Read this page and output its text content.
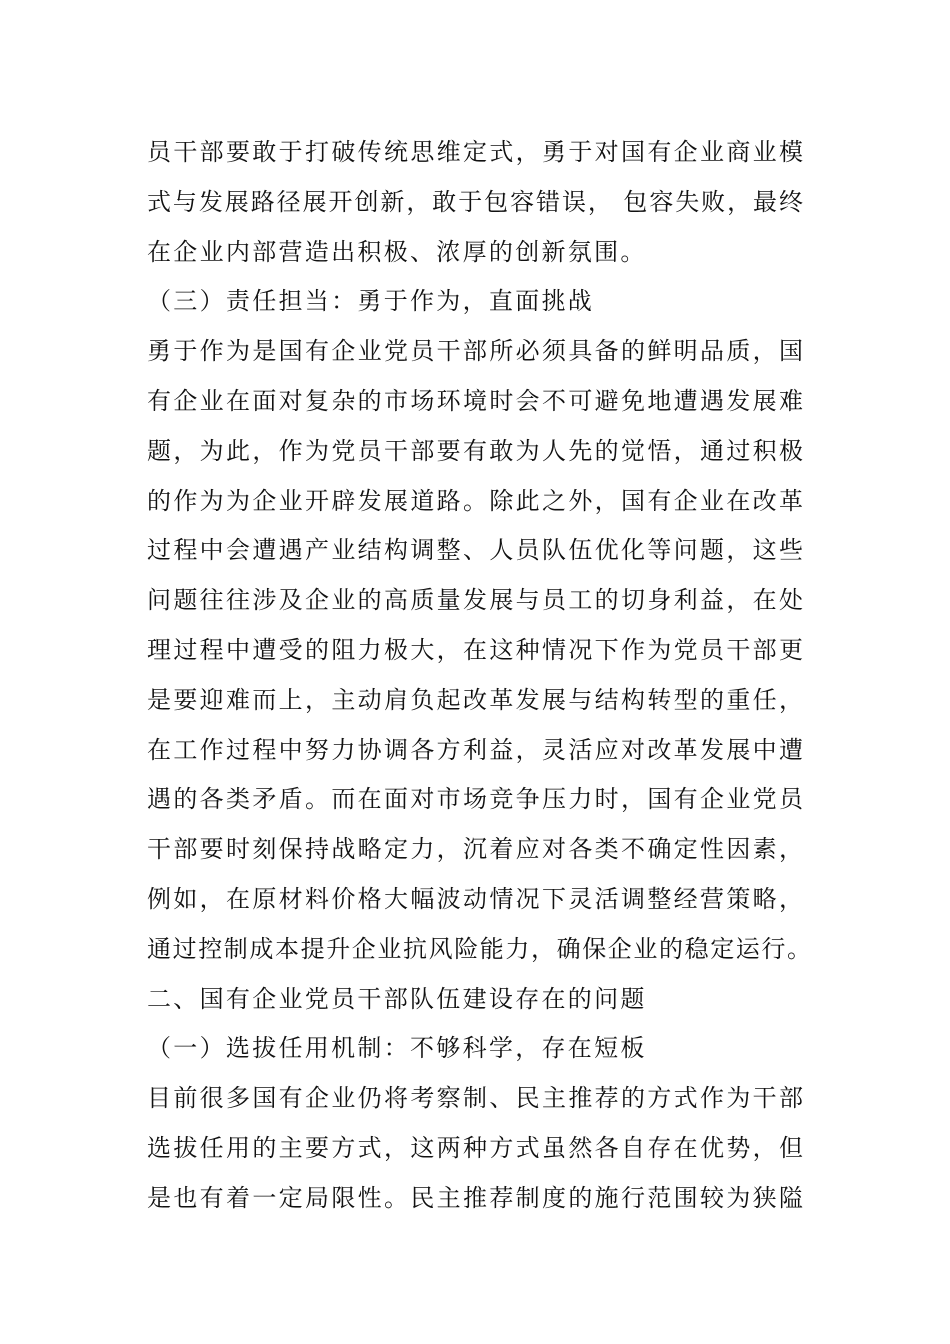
员干部要敢于打破传统思维定式，勇于对国有企业商业模
式与发展路径展开创新，敢于包容错误， 包容失败，最终
在企业内部营造出积极、浓厚的创新氛围。
（三）责任担当：勇于作为，直面挑战
勇于作为是国有企业党员干部所必须具备的鲜明品质，国
有企业在面对复杂的市场环境时会不可避免地遭遇发展难
题，为此，作为党员干部要有敢为人先的觉悟，通过积极
的作为为企业开辟发展道路。除此之外，国有企业在改革
过程中会遭遇产业结构调整、人员队伍优化等问题，这些
问题往往涉及企业的高质量发展与员工的切身利益，在处
理过程中遭受的阻力极大，在这种情况下作为党员干部更
是要迎难而上，主动肩负起改革发展与结构转型的重任，
在工作过程中努力协调各方利益，灵活应对改革发展中遭
遇的各类矛盾。而在面对市场竞争压力时，国有企业党员
干部要时刻保持战略定力，沉着应对各类不确定性因素，
例如，在原材料价格大幅波动情况下灵活调整经营策略，
通过控制成本提升企业抗风险能力，确保企业的稳定运行。
二、国有企业党员干部队伍建设存在的问题
（一）选拔任用机制：不够科学，存在短板
目前很多国有企业仍将考察制、民主推荐的方式作为干部
选拔任用的主要方式，这两种方式虽然各自存在优势，但
是也有着一定局限性。民主推荐制度的施行范围较为狭隘
